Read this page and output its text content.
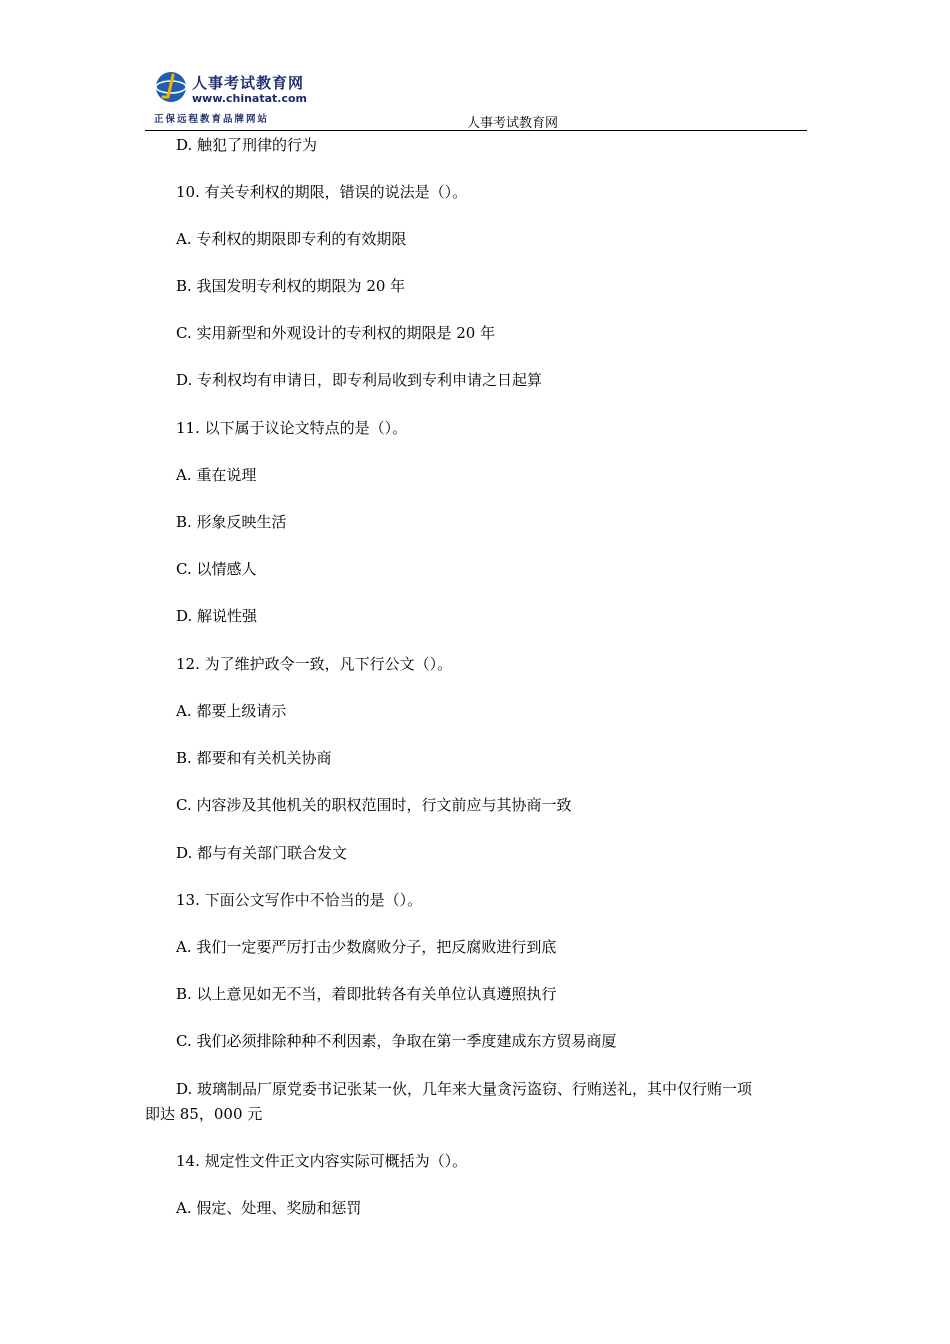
人事考试教育网
www.chinatat.com
正保远程教育品牌网站	人事考试教育网
D. 触犯了刑律的行为
10. 有关专利权的期限，错误的说法是（）。
A. 专利权的期限即专利的有效期限
B. 我国发明专利权的期限为 20 年
C. 实用新型和外观设计的专利权的期限是 20 年
D. 专利权均有申请日，即专利局收到专利申请之日起算
11. 以下属于议论文特点的是（）。
A. 重在说理
B. 形象反映生活
C. 以情感人
D. 解说性强
12. 为了维护政令一致，凡下行公文（）。
A. 都要上级请示
B. 都要和有关机关协商
C. 内容涉及其他机关的职权范围时，行文前应与其协商一致
D. 都与有关部门联合发文
13. 下面公文写作中不恰当的是（）。
A. 我们一定要严厉打击少数腐败分子，把反腐败进行到底
B. 以上意见如无不当，着即批转各有关单位认真遵照执行
C. 我们必须排除种种不利因素，争取在第一季度建成东方贸易商厦
D. 玻璃制品厂原党委书记张某一伙，几年来大量贪污盗窃、行贿送礼，其中仅行贿一项
即达 85，000 元
14. 规定性文件正文内容实际可概括为（）。
A. 假定、处理、奖励和惩罚
